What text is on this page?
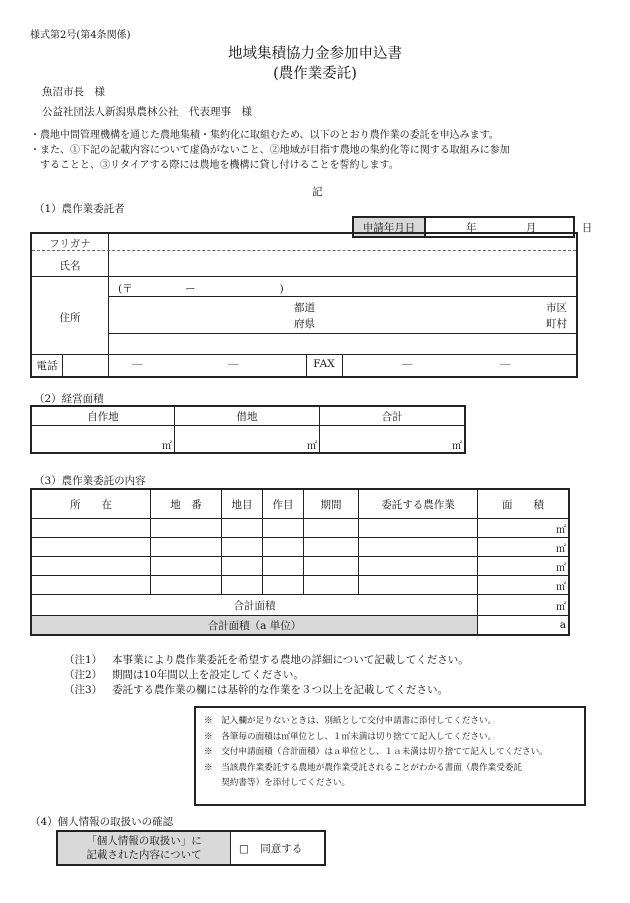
様式第2号(第4条関係)
地域集積協力金参加申込書
(農作業委託)
魚沼市長　様
公益社団法人新潟県農林公社　代表理事　様
・農地中間管理機構を通じた農地集積・集約化に取組むため、以下のとおり農作業の委託を申込みます。
・また、①下記の記載内容について虚偽がないこと、②地域が目指す農地の集約化等に関する取組みに参加
することと、③リタイアする際には農地を機構に貸し付けることを誓約します。
記
（1）農作業委託者
申請年月日	年	月	日
フリガナ
氏名
住所
(〒　　　　　ー　　　　　　　　)
都道
府県
市区
町村
電話	―	―	FAX	―	―
（2）経営面積
自作地	借地	合計
㎡	㎡	㎡
（3）農作業委託の内容
所　　在	地　番	地目	作目	期間	委託する農作業	面　　積
						㎡
						㎡
						㎡
						㎡
合計面積						㎡
合計面積（a 単位）						a
（注1） 本事業により農作業委託を希望する農地の詳細について記載してください。
（注2） 期間は10年間以上を設定してください。
（注3） 委託する農作業の欄には基幹的な作業を３つ以上を記載してください。
※　記入欄が足りないときは、別紙として交付申請書に添付してください。
※　各筆毎の面積は㎡単位とし、１㎡未満は切り捨てて記入してください。
※　交付申請面積（合計面積）はａ単位とし、１ａ未満は切り捨てて記入してください。
※　当該農作業委託する農地が農作業受託されることがわかる書面（農作業受委託
　　契約書等）を添付してください。
（4）個人情報の取扱いの確認
「個人情報の取扱い」に
記載された内容について
	□ 同意する
